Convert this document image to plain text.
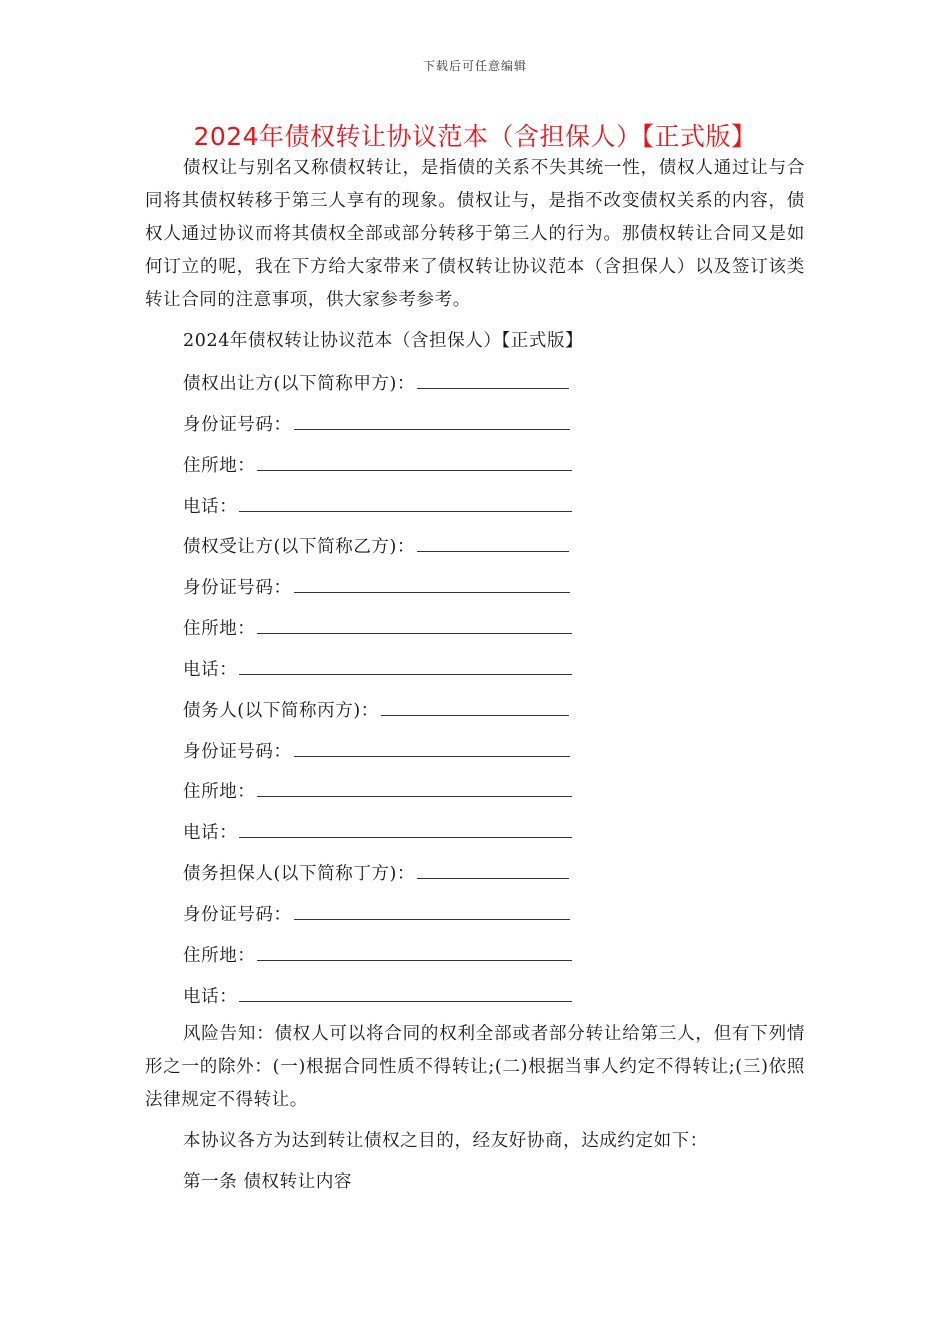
下载后可任意编辑
2024年债权转让协议范本（含担保人）【正式版】
债权让与别名又称债权转让，是指债的关系不失其统一性，债权人通过让与合同将其债权转移于第三人享有的现象。债权让与，是指不改变债权关系的内容，债权人通过协议而将其债权全部或部分转移于第三人的行为。那债权转让合同又是如何订立的呢，我在下方给大家带来了债权转让协议范本（含担保人）以及签订该类转让合同的注意事项，供大家参考参考。
2024年债权转让协议范本（含担保人）【正式版】
债权出让方(以下简称甲方)：
身份证号码：
住所地：
电话：
债权受让方(以下简称乙方)：
身份证号码：
住所地：
电话：
债务人(以下简称丙方)：
身份证号码：
住所地：
电话：
债务担保人(以下简称丁方)：
身份证号码：
住所地：
电话：
风险告知：债权人可以将合同的权利全部或者部分转让给第三人，但有下列情形之一的除外：(一)根据合同性质不得转让;(二)根据当事人约定不得转让;(三)依照法律规定不得转让。
本协议各方为达到转让债权之目的，经友好协商，达成约定如下：
第一条 债权转让内容
